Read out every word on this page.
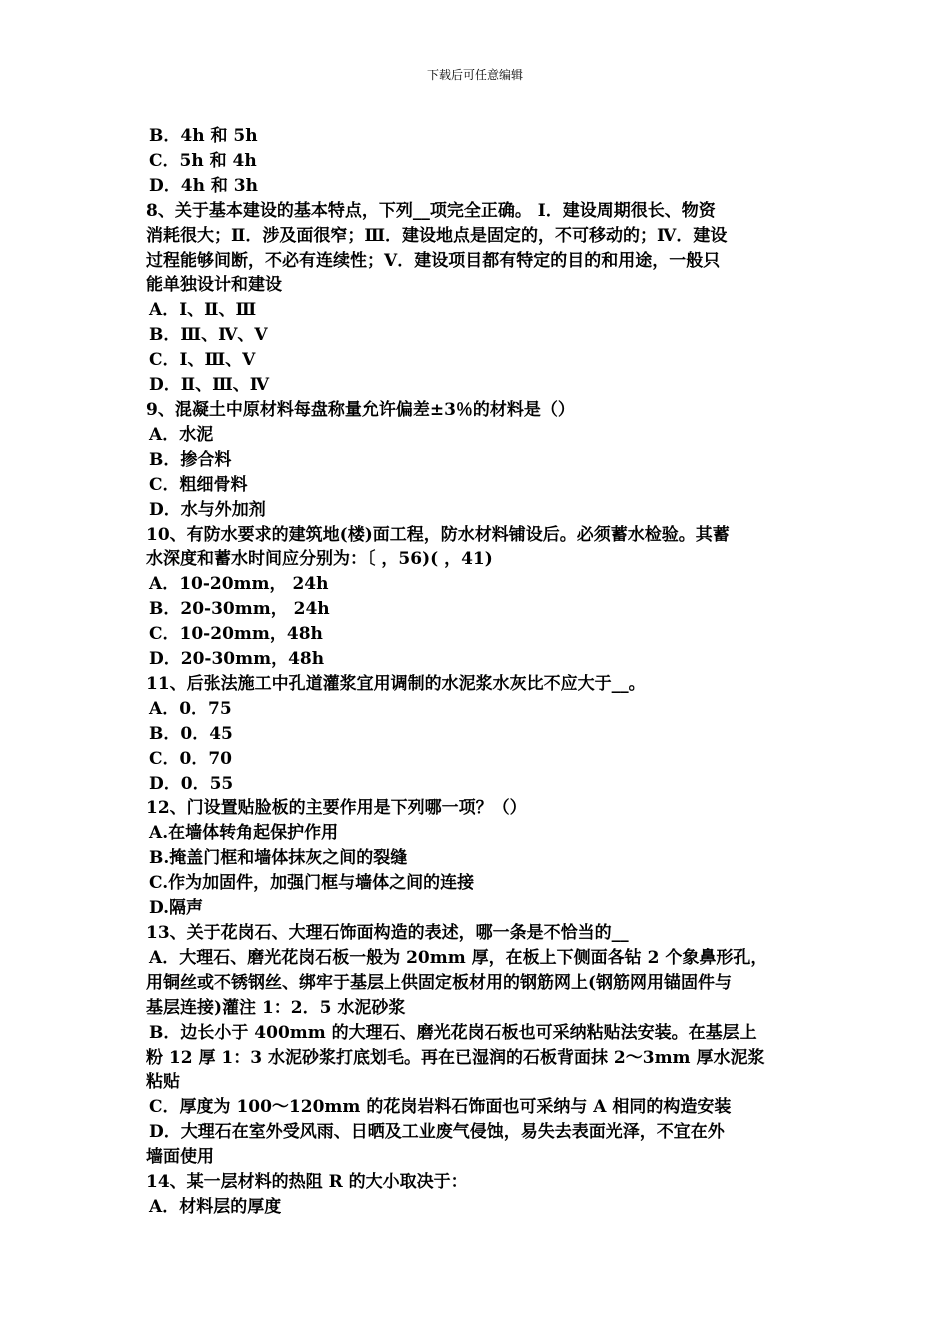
下载后可任意编辑
B．4h 和 5h
C．5h 和 4h
D．4h 和 3h
8、关于基本建设的基本特点，下列__项完全正确。 Ⅰ．建设周期很长、物资
消耗很大；Ⅱ．涉及面很窄；Ⅲ．建设地点是固定的，不可移动的；Ⅳ．建设
过程能够间断，不必有连续性；Ⅴ．建设项目都有特定的目的和用途，一般只
能单独设计和建设
A．Ⅰ、Ⅱ、Ⅲ
B．Ⅲ、Ⅳ、Ⅴ
C．Ⅰ、Ⅲ、Ⅴ
D．Ⅱ、Ⅲ、Ⅳ
9、混凝土中原材料每盘称量允许偏差±3％的材料是（）
A．水泥
B．掺合料
C．粗细骨料
D．水与外加剂
10、有防水要求的建筑地(楼)面工程，防水材料铺设后。必须蓄水检验。其蓄
水深度和蓄水时间应分别为：〔 ，56)( ，41)
A．10-20mm， 24h
B．20-30mm， 24h
C．10-20mm，48h
D．20-30mm，48h
11、后张法施工中孔道灌浆宜用调制的水泥浆水灰比不应大于__。
A．0．75
B．0．45
C．0．70
D．0．55
12、门设置贴脸板的主要作用是下列哪一项？（）
A.在墙体转角起保护作用
B.掩盖门框和墙体抹灰之间的裂缝
C.作为加固件，加强门框与墙体之间的连接
D.隔声
13、关于花岗石、大理石饰面构造的表述，哪一条是不恰当的__
A．大理石、磨光花岗石板一般为 20mm 厚，在板上下侧面各钻 2 个象鼻形孔，
用铜丝或不锈钢丝、绑牢于基层上供固定板材用的钢筋网上(钢筋网用锚固件与
基层连接)灌注 1：2．5 水泥砂浆
B．边长小于 400mm 的大理石、磨光花岗石板也可采纳粘贴法安装。在基层上
粉 12 厚 1：3 水泥砂浆打底划毛。再在已湿润的石板背面抹 2～3mm 厚水泥浆
粘贴
C．厚度为 100～120mm 的花岗岩料石饰面也可采纳与 A 相同的构造安装
D．大理石在室外受风雨、日晒及工业废气侵蚀，易失去表面光泽，不宜在外
墙面使用
14、某一层材料的热阻 R 的大小取决于：
A．材料层的厚度
